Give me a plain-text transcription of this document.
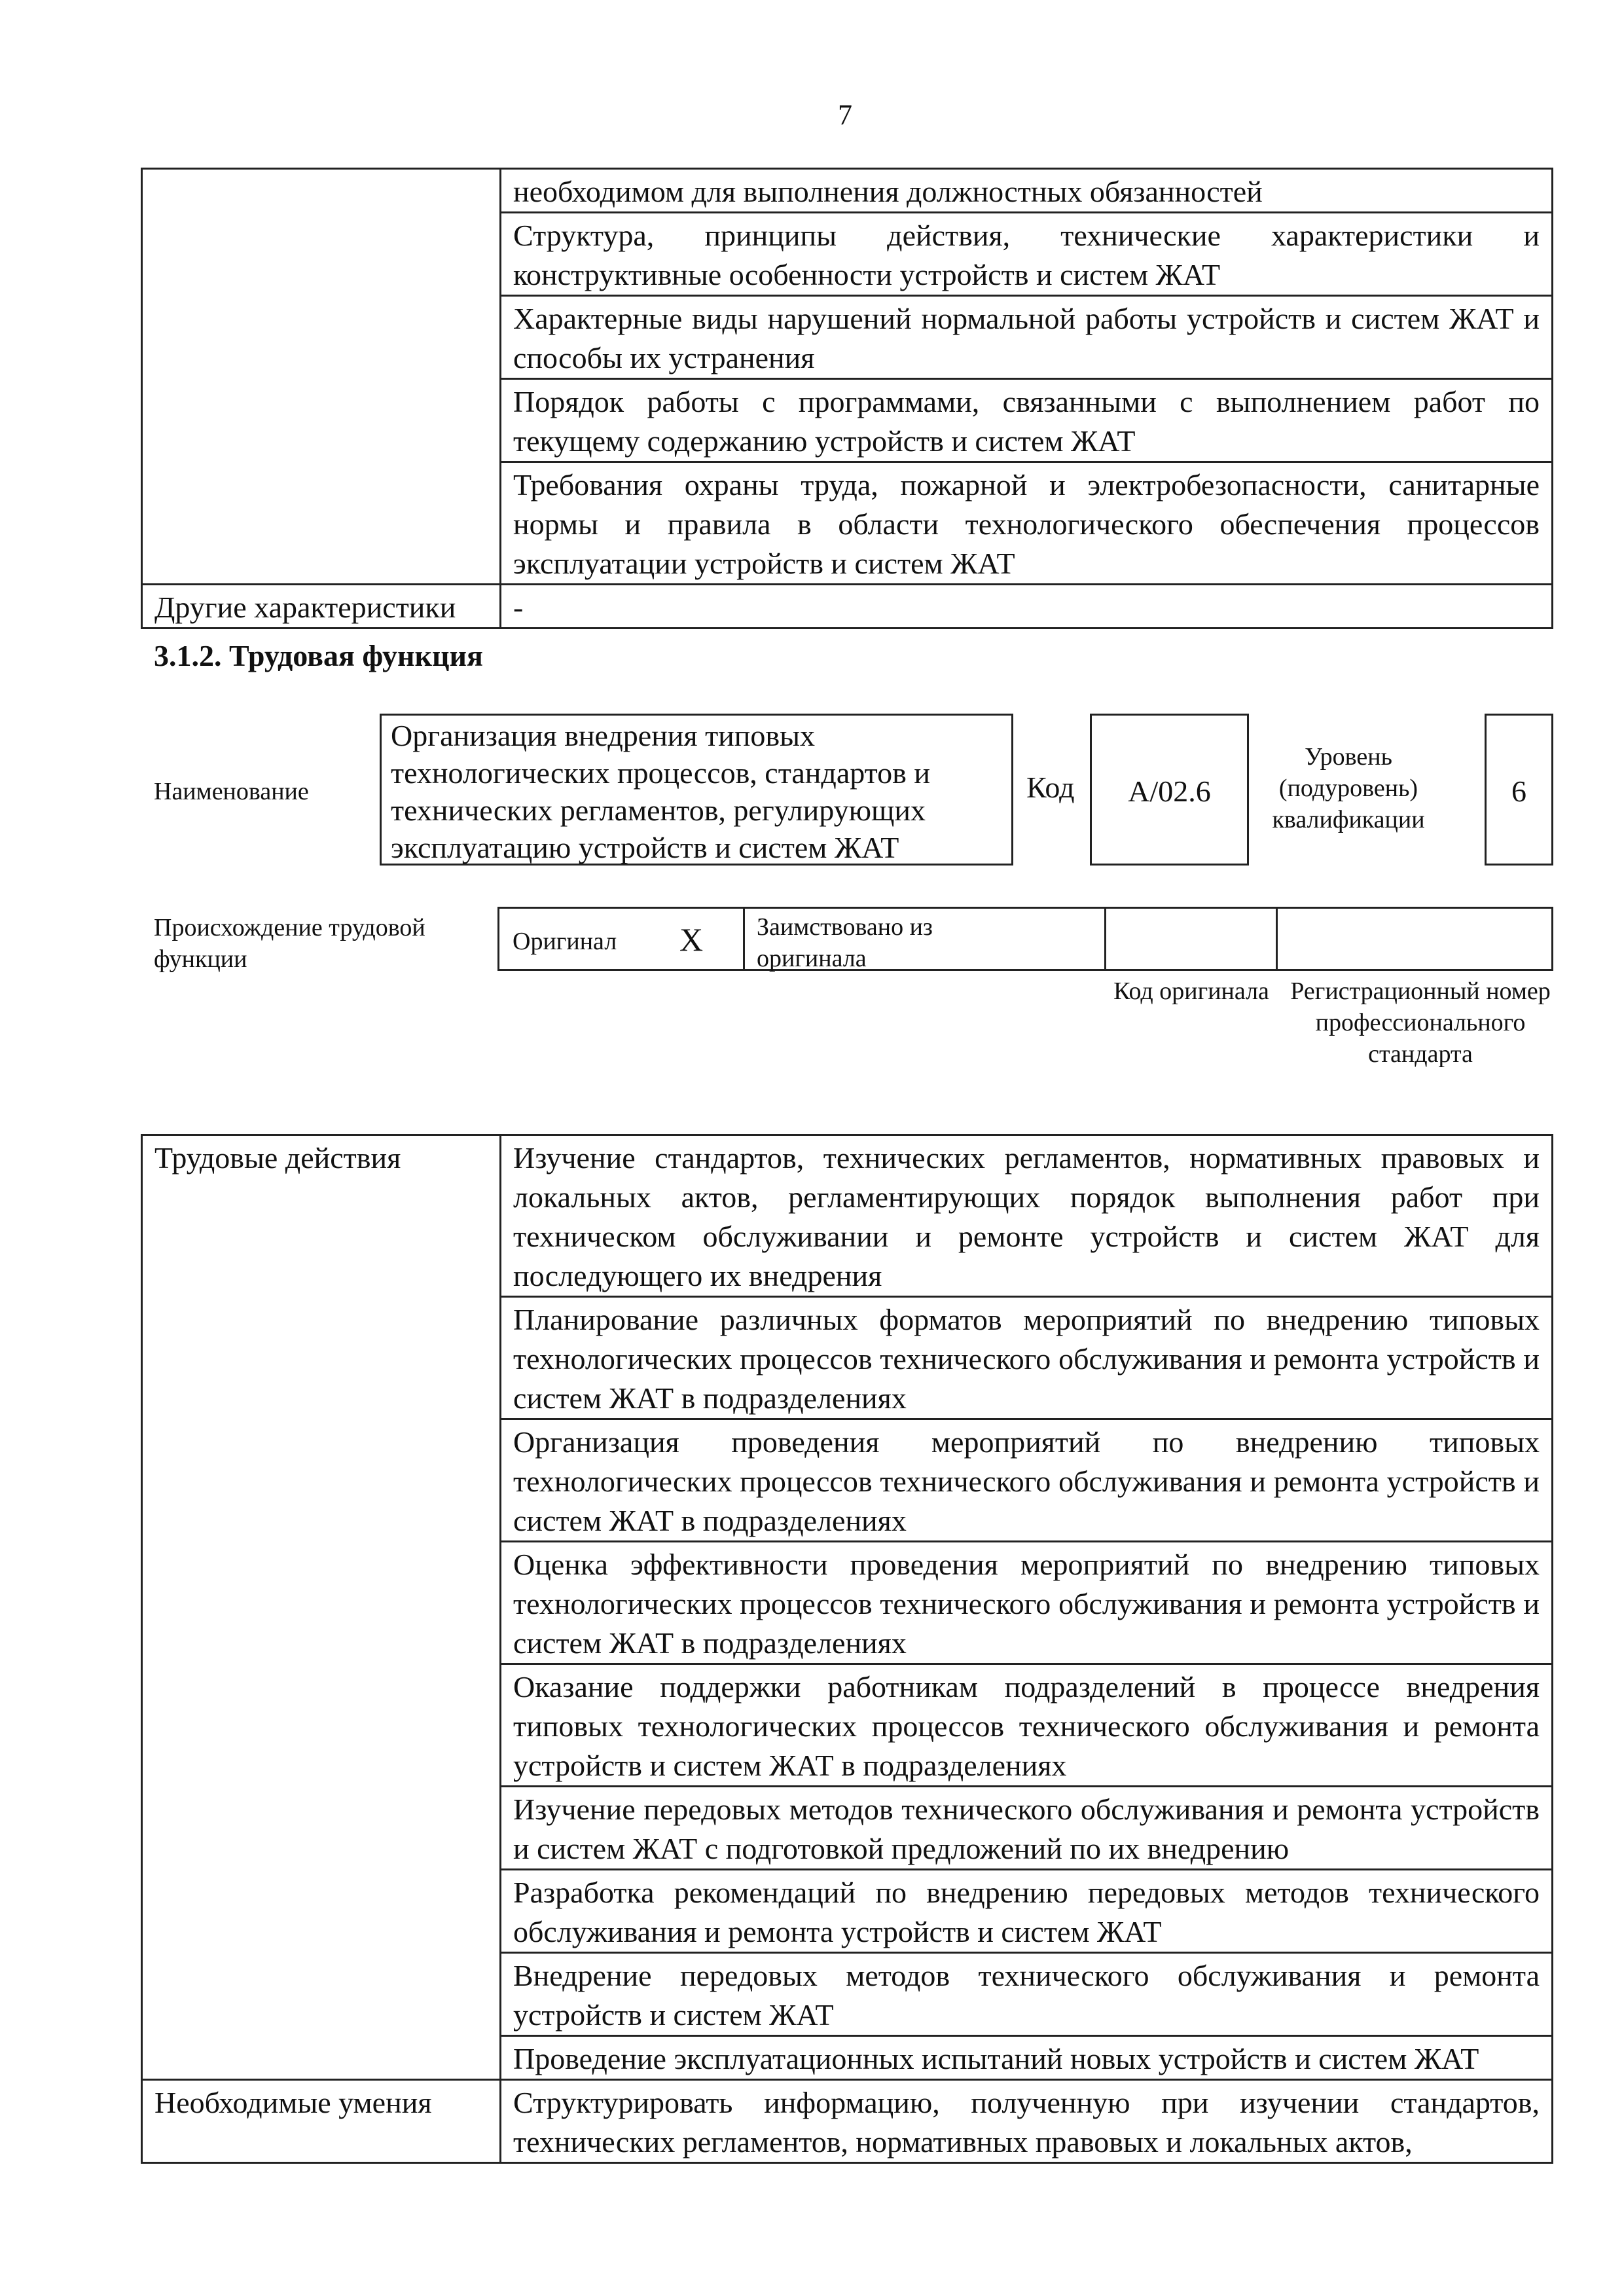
7
	необходимом для выполнения должностных обязанностей
	Структура, принципы действия, технические характеристики и конструктивные особенности устройств и систем ЖАТ
	Характерные виды нарушений нормальной работы устройств и систем ЖАТ и способы их устранения
	Порядок работы с программами, связанными с выполнением работ по текущему содержанию устройств и систем ЖАТ
	Требования охраны труда, пожарной и электробезопасности, санитарные нормы и правила в области технологического обеспечения процессов эксплуатации устройств и систем ЖАТ
Другие характеристики	-
3.1.2. Трудовая функция
Наименование
Организация внедрения типовых технологических процессов, стандартов и технических регламентов, регулирующих эксплуатацию устройств и систем ЖАТ
Код	A/02.6
Уровень (подуровень) квалификации
6
Происхождение трудовой функции
Оригинал X Заимствовано из оригинала
Код оригинала Регистрационный номер профессионального стандарта
Трудовые действия	Изучение стандартов, технических регламентов, нормативных правовых и локальных актов, регламентирующих порядок выполнения работ при техническом обслуживании и ремонте устройств и систем ЖАТ для последующего их внедрения
	Планирование различных форматов мероприятий по внедрению типовых технологических процессов технического обслуживания и ремонта устройств и систем ЖАТ в подразделениях
	Организация проведения мероприятий по внедрению типовых технологических процессов технического обслуживания и ремонта устройств и систем ЖАТ в подразделениях
	Оценка эффективности проведения мероприятий по внедрению типовых технологических процессов технического обслуживания и ремонта устройств и систем ЖАТ в подразделениях
	Оказание поддержки работникам подразделений в процессе внедрения типовых технологических процессов технического обслуживания и ремонта устройств и систем ЖАТ в подразделениях
	Изучение передовых методов технического обслуживания и ремонта устройств и систем ЖАТ с подготовкой предложений по их внедрению
	Разработка рекомендаций по внедрению передовых методов технического обслуживания и ремонта устройств и систем ЖАТ
	Внедрение передовых методов технического обслуживания и ремонта устройств и систем ЖАТ
	Проведение эксплуатационных испытаний новых устройств и систем ЖАТ
Необходимые умения	Структурировать информацию, полученную при изучении стандартов, технических регламентов, нормативных правовых и локальных актов,
